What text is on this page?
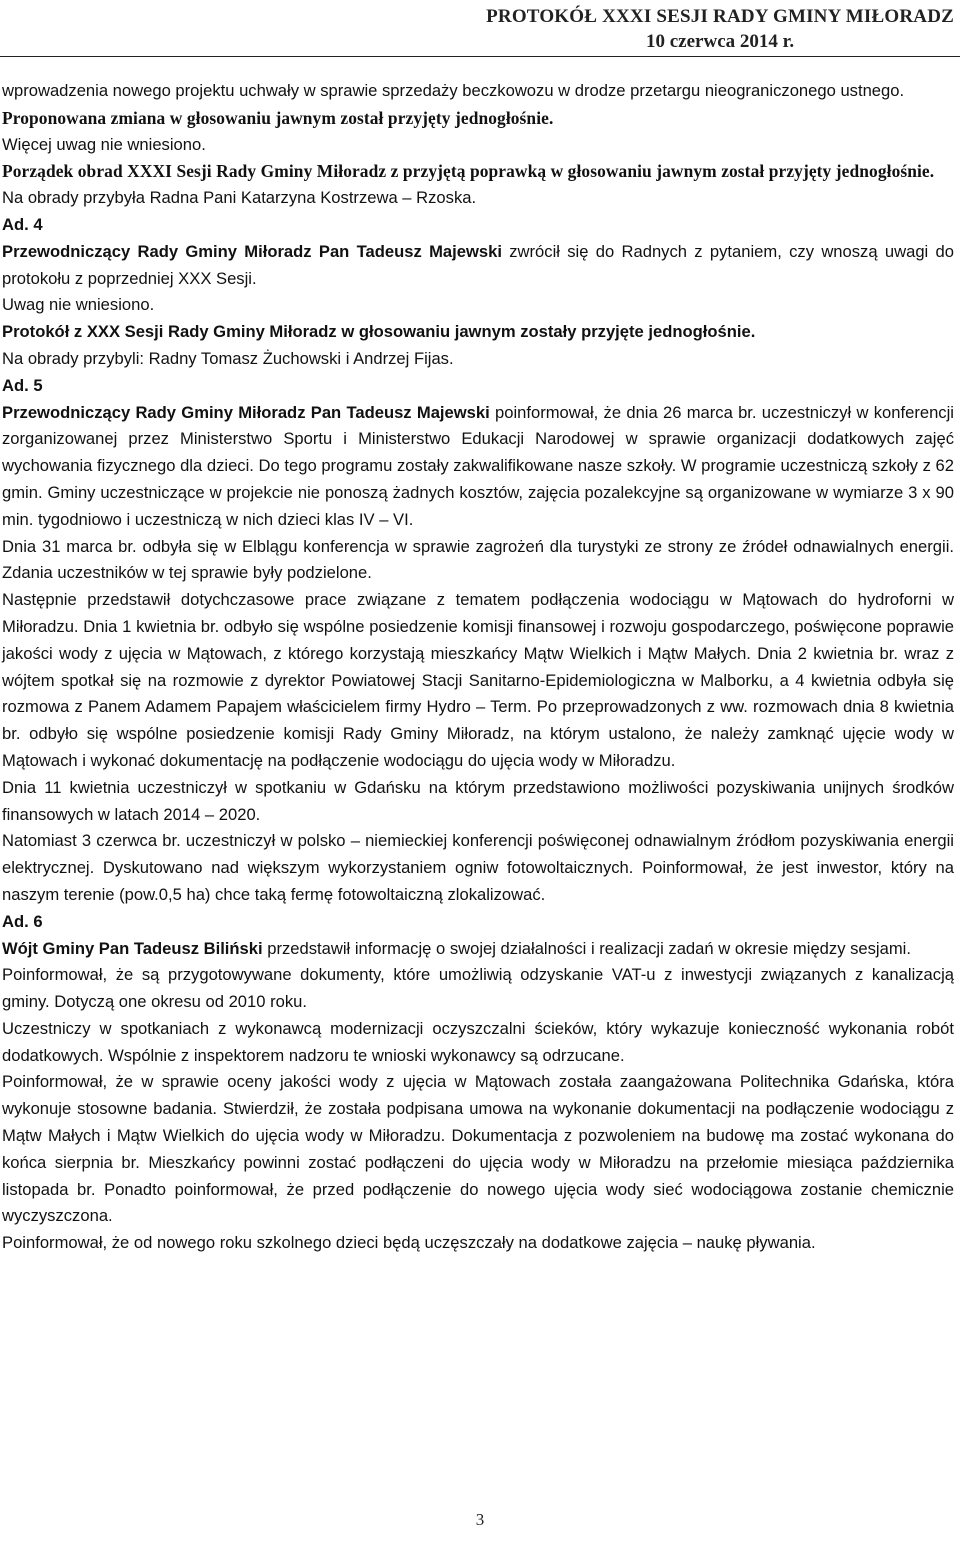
PROTOKÓŁ XXXI SESJI RADY GMINY MIŁORADZ
10 czerwca 2014 r.

wprowadzenia nowego projektu uchwały w sprawie sprzedaży beczkowozu w drodze przetargu nieograniczonego ustnego.

Proponowana zmiana w głosowaniu jawnym został przyjęty jednogłośnie.

Więcej uwag nie wniesiono.

Porządek obrad XXXI Sesji Rady Gminy Miłoradz z przyjętą poprawką w głosowaniu jawnym został przyjęty jednogłośnie.

Na obrady przybyła Radna Pani Katarzyna Kostrzewa – Rzoska.

Ad. 4

Przewodniczący Rady Gminy Miłoradz Pan Tadeusz Majewski zwrócił się do Radnych z pytaniem, czy wnoszą uwagi do protokołu z poprzedniej XXX Sesji.

Uwag nie wniesiono.

Protokół z XXX Sesji Rady Gminy Miłoradz w głosowaniu jawnym zostały przyjęte jednogłośnie.

Na obrady przybyli: Radny Tomasz Żuchowski i Andrzej Fijas.

Ad. 5

Przewodniczący Rady Gminy Miłoradz Pan Tadeusz Majewski poinformował, że dnia 26 marca br. uczestniczył w konferencji zorganizowanej przez Ministerstwo Sportu i Ministerstwo Edukacji Narodowej w sprawie organizacji dodatkowych zajęć wychowania fizycznego dla dzieci. Do tego programu zostały zakwalifikowane nasze szkoły. W programie uczestniczą szkoły z 62 gmin. Gminy uczestniczące w projekcie nie ponoszą żadnych kosztów, zajęcia pozalekcyjne są organizowane w wymiarze 3 x 90 min. tygodniowo i uczestniczą w nich dzieci klas IV – VI.

Dnia 31 marca br. odbyła się w Elblągu konferencja w sprawie zagrożeń dla turystyki ze strony ze źródeł odnawialnych energii. Zdania uczestników w tej sprawie były podzielone.

Następnie przedstawił dotychczasowe prace związane z tematem podłączenia wodociągu w Mątowach do hydroforni w Miłoradzu. Dnia 1 kwietnia br. odbyło się wspólne posiedzenie komisji finansowej i rozwoju gospodarczego, poświęcone poprawie jakości wody z ujęcia w Mątowach, z którego korzystają mieszkańcy Mątw Wielkich i Mątw Małych. Dnia 2 kwietnia br. wraz z wójtem spotkał się na rozmowie z dyrektor Powiatowej Stacji Sanitarno-Epidemiologiczna w Malborku, a 4 kwietnia odbyła się rozmowa z Panem Adamem Papajem właścicielem firmy Hydro – Term. Po przeprowadzonych z ww. rozmowach dnia 8 kwietnia br. odbyło się wspólne posiedzenie komisji Rady Gminy Miłoradz, na którym ustalono, że należy zamknąć ujęcie wody w Mątowach i wykonać dokumentację na podłączenie wodociągu do ujęcia wody w Miłoradzu.

Dnia 11 kwietnia uczestniczył w spotkaniu w Gdańsku na którym przedstawiono możliwości pozyskiwania unijnych środków finansowych w latach 2014 – 2020.

Natomiast 3 czerwca br. uczestniczył w polsko – niemieckiej konferencji poświęconej odnawialnym źródłom pozyskiwania energii elektrycznej. Dyskutowano nad większym wykorzystaniem ogniw fotowoltaicznych. Poinformował, że jest inwestor, który na naszym terenie (pow.0,5 ha) chce taką fermę fotowoltaiczną zlokalizować.

Ad. 6

Wójt Gminy Pan Tadeusz Biliński przedstawił informację o swojej działalności i realizacji zadań w okresie między sesjami.

Poinformował, że są przygotowywane dokumenty, które umożliwią odzyskanie VAT-u z inwestycji związanych z kanalizacją gminy. Dotyczą one okresu od 2010 roku.

Uczestniczy w spotkaniach z wykonawcą modernizacji oczyszczalni ścieków, który wykazuje konieczność wykonania robót dodatkowych. Wspólnie z inspektorem nadzoru te wnioski wykonawcy są odrzucane.

Poinformował, że w sprawie oceny jakości wody z ujęcia w Mątowach została zaangażowana Politechnika Gdańska, która wykonuje stosowne badania. Stwierdził, że została podpisana umowa na wykonanie dokumentacji na podłączenie wodociągu z Mątw Małych i Mątw Wielkich do ujęcia wody w Miłoradzu. Dokumentacja z pozwoleniem na budowę ma zostać wykonana do końca sierpnia br. Mieszkańcy powinni zostać podłączeni do ujęcia wody w Miłoradzu na przełomie miesiąca października listopada br. Ponadto poinformował, że przed podłączenie do nowego ujęcia wody sieć wodociągowa zostanie chemicznie wyczyszczona.

Poinformował, że od nowego roku szkolnego dzieci będą uczęszczały na dodatkowe zajęcia – naukę pływania.

3
